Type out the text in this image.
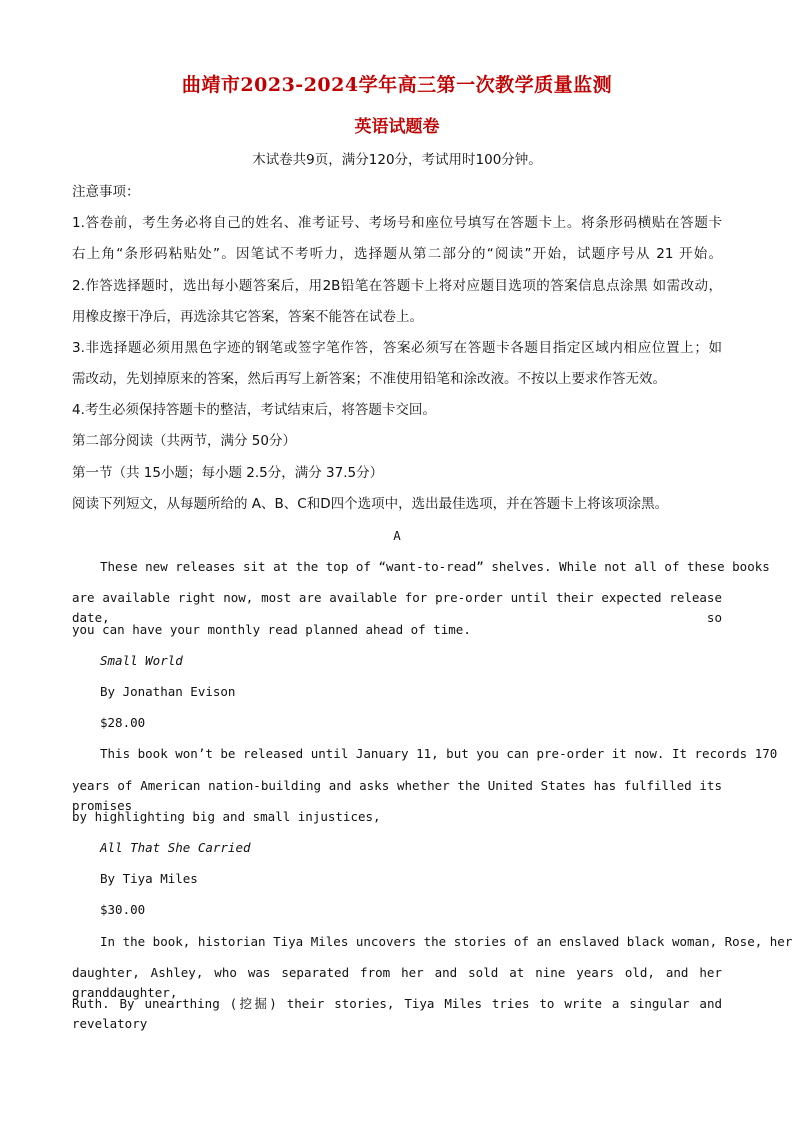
曲靖市2023-2024学年高三第一次教学质量监测
英语试题卷
木试卷共9页，满分120分，考试用时100分钟。
注意事项：
1.答卷前，考生务必将自己的姓名、准考证号、考场号和座位号填写在答题卡上。将条形码横贴在答题卡
右上角“条形码粘贴处”。因笔试不考听力，选择题从第二部分的“阅读”开始，试题序号从 21 开始。
2.作答选择题时，选出每小题答案后，用2B铅笔在答题卡上将对应题目选项的答案信息点涂黑 如需改动，
用橡皮擦干净后，再选涂其它答案，答案不能答在试卷上。
3.非选择题必须用黑色字迹的钢笔或签字笔作答，答案必须写在答题卡各题目指定区域内相应位置上；如
需改动，先划掉原来的答案，然后再写上新答案；不准使用铅笔和涂改液。不按以上要求作答无效。
4.考生必须保持答题卡的整洁，考试结束后，将答题卡交回。
第二部分阅读（共两节，满分 50分）
第一节（共 15小题；每小题 2.5分，满分 37.5分）
阅读下列短文，从每题所给的 A、B、C和D四个选项中，选出最佳选项，并在答题卡上将该项涂黑。
A
These new releases sit at the top of “want-to-read” shelves. While not all of these books
are available right now, most are available for pre-order until their expected release date, so
you can have your monthly read planned ahead of time.
Small World
By Jonathan Evison
$28.00
This book won’t be released until January 11, but you can pre-order it now. It records 170
years of American nation-building and asks whether the United States has fulfilled its promises
by highlighting big and small injustices,
All That She Carried
By Tiya Miles
$30.00
In the book, historian Tiya Miles uncovers the stories of an enslaved black woman, Rose, her
daughter, Ashley, who was separated from her and sold at nine years old, and her granddaughter,
Ruth. By unearthing (挖掘) their stories, Tiya Miles tries to write a singular and revelatory
